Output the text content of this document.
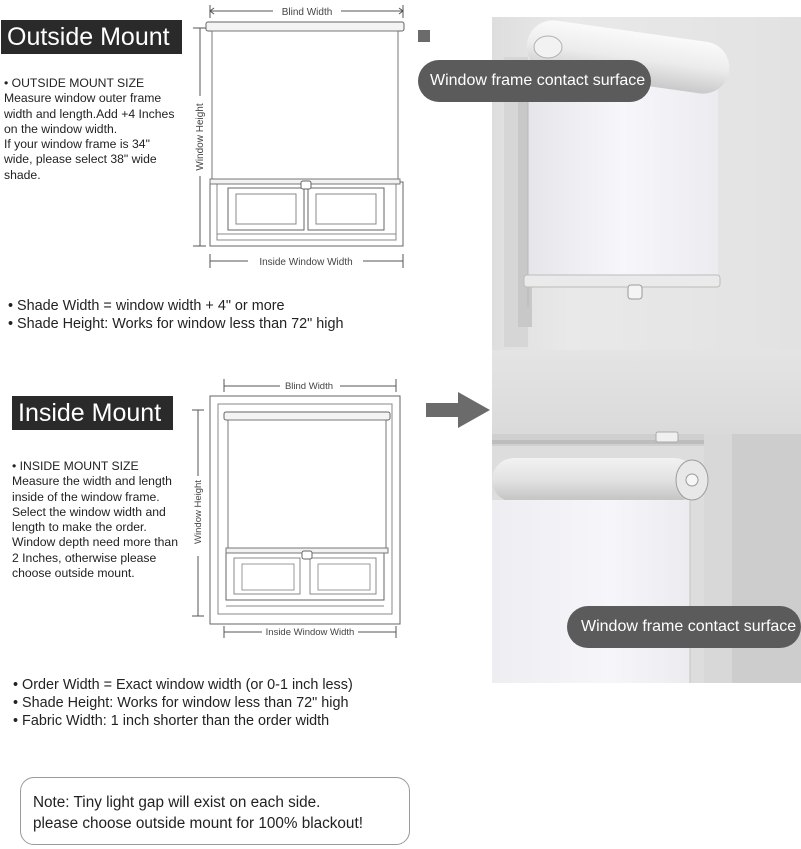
Outside Mount
• OUTSIDE MOUNT SIZE
Measure window outer frame
width and length.Add +4 Inches
on the window width.
If your window frame is 34"
wide, please select 38" wide
shade.
Blind Width
Window Height
Inside Window Width
Window frame contact surface
• Shade Width = window width + 4" or more
• Shade Height: Works for window less than 72" high
Inside Mount
• INSIDE MOUNT SIZE
Measure the width and length
inside of the window frame.
Select the window width and
length to make the order.
Window depth need more than
2 Inches, otherwise please
choose outside mount.
Blind Width
Window Height
Inside Window Width	Window frame contact surface
• Order Width = Exact window width (or 0-1 inch less)
• Shade Height: Works for window less than 72" high
• Fabric Width: 1 inch shorter than the order width
Note: Tiny light gap will exist on each side.
please choose outside mount for 100% blackout!
